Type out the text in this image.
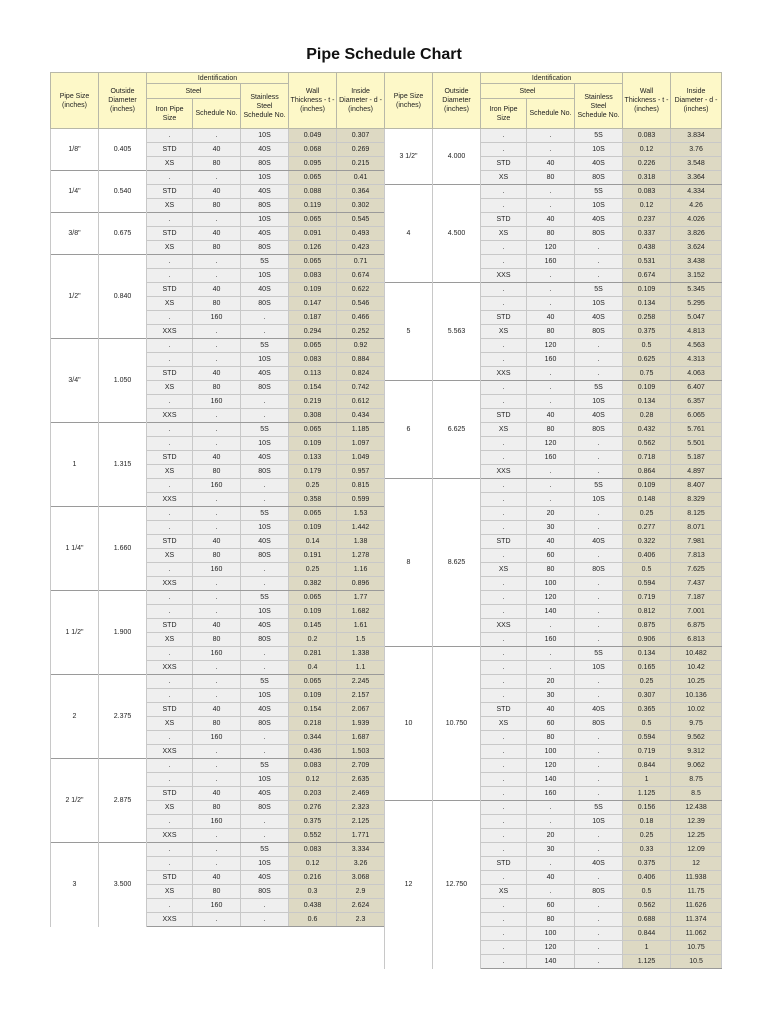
Pipe Schedule Chart
Pipe Size (inches)	Outside Diameter (inches)	Identification			Wall Thickness - t - (inches)	Inside Diameter - d - (inches)
		Steel		Stainless Steel Schedule No.		
		Iron Pipe Size	Schedule No.			
1/8"	0.405	.	.	10S	0.049	0.307
		STD	40	40S	0.068	0.269
		XS	80	80S	0.095	0.215
1/4"	0.540	.	.	10S	0.065	0.41
		STD	40	40S	0.088	0.364
		XS	80	80S	0.119	0.302
3/8"	0.675	.	.	10S	0.065	0.545
		STD	40	40S	0.091	0.493
		XS	80	80S	0.126	0.423
1/2"	0.840	.	.	5S	0.065	0.71
		.	.	10S	0.083	0.674
		STD	40	40S	0.109	0.622
		XS	80	80S	0.147	0.546
		.	160	.	0.187	0.466
		XXS	.	.	0.294	0.252
3/4"	1.050	.	.	5S	0.065	0.92
		.	.	10S	0.083	0.884
		STD	40	40S	0.113	0.824
		XS	80	80S	0.154	0.742
		.	160	.	0.219	0.612
		XXS	.	.	0.308	0.434
1	1.315	.	.	5S	0.065	1.185
		.	.	10S	0.109	1.097
		STD	40	40S	0.133	1.049
		XS	80	80S	0.179	0.957
		.	160	.	0.25	0.815
		XXS	.	.	0.358	0.599
1 1/4"	1.660	.	.	5S	0.065	1.53
		.	.	10S	0.109	1.442
		STD	40	40S	0.14	1.38
		XS	80	80S	0.191	1.278
		.	160	.	0.25	1.16
		XXS	.	.	0.382	0.896
1 1/2"	1.900	.	.	5S	0.065	1.77
		.	.	10S	0.109	1.682
		STD	40	40S	0.145	1.61
		XS	80	80S	0.2	1.5
		.	160	.	0.281	1.338
		XXS	.	.	0.4	1.1
2	2.375	.	.	5S	0.065	2.245
		.	.	10S	0.109	2.157
		STD	40	40S	0.154	2.067
		XS	80	80S	0.218	1.939
		.	160	.	0.344	1.687
		XXS	.	.	0.436	1.503
2 1/2"	2.875	.	.	5S	0.083	2.709
		.	.	10S	0.12	2.635
		STD	40	40S	0.203	2.469
		XS	80	80S	0.276	2.323
		.	160	.	0.375	2.125
		XXS	.	.	0.552	1.771
3	3.500	.	.	5S	0.083	3.334
		.	.	10S	0.12	3.26
		STD	40	40S	0.216	3.068
		XS	80	80S	0.3	2.9
		.	160	.	0.438	2.624
		XXS	.	.	0.6	2.3
Pipe Size (inches)	Outside Diameter (inches)	Identification			Wall Thickness - t - (inches)	Inside Diameter - d - (inches)
		Steel		Stainless Steel Schedule No.		
		Iron Pipe Size	Schedule No.			
3 1/2"	4.000	.	.	5S	0.083	3.834
		.	.	10S	0.12	3.76
		STD	40	40S	0.226	3.548
		XS	80	80S	0.318	3.364
4	4.500	.	.	5S	0.083	4.334
		.	.	10S	0.12	4.26
		STD	40	40S	0.237	4.026
		XS	80	80S	0.337	3.826
		.	120	.	0.438	3.624
		.	160	.	0.531	3.438
		XXS	.	.	0.674	3.152
5	5.563	.	.	5S	0.109	5.345
		.	.	10S	0.134	5.295
		STD	40	40S	0.258	5.047
		XS	80	80S	0.375	4.813
		.	120	.	0.5	4.563
		.	160	.	0.625	4.313
		XXS	.	.	0.75	4.063
6	6.625	.	.	5S	0.109	6.407
		.	.	10S	0.134	6.357
		STD	40	40S	0.28	6.065
		XS	80	80S	0.432	5.761
		.	120	.	0.562	5.501
		.	160	.	0.718	5.187
		XXS	.	.	0.864	4.897
8	8.625	.	.	5S	0.109	8.407
		.	.	10S	0.148	8.329
		.	20	.	0.25	8.125
		.	30	.	0.277	8.071
		STD	40	40S	0.322	7.981
		.	60	.	0.406	7.813
		XS	80	80S	0.5	7.625
		.	100	.	0.594	7.437
		.	120	.	0.719	7.187
		.	140	.	0.812	7.001
		XXS	.	.	0.875	6.875
		.	160	.	0.906	6.813
10	10.750	.	.	5S	0.134	10.482
		.	.	10S	0.165	10.42
		.	20	.	0.25	10.25
		.	30	.	0.307	10.136
		STD	40	40S	0.365	10.02
		XS	60	80S	0.5	9.75
		.	80	.	0.594	9.562
		.	100	.	0.719	9.312
		.	120	.	0.844	9.062
		.	140	.	1	8.75
		.	160	.	1.125	8.5
12	12.750	.	.	5S	0.156	12.438
		.	.	10S	0.18	12.39
		.	20	.	0.25	12.25
		.	30	.	0.33	12.09
		STD	.	40S	0.375	12
		.	40	.	0.406	11.938
		XS	.	80S	0.5	11.75
		.	60	.	0.562	11.626
		.	80	.	0.688	11.374
		.	100	.	0.844	11.062
		.	120	.	1	10.75
		.	140	.	1.125	10.5
